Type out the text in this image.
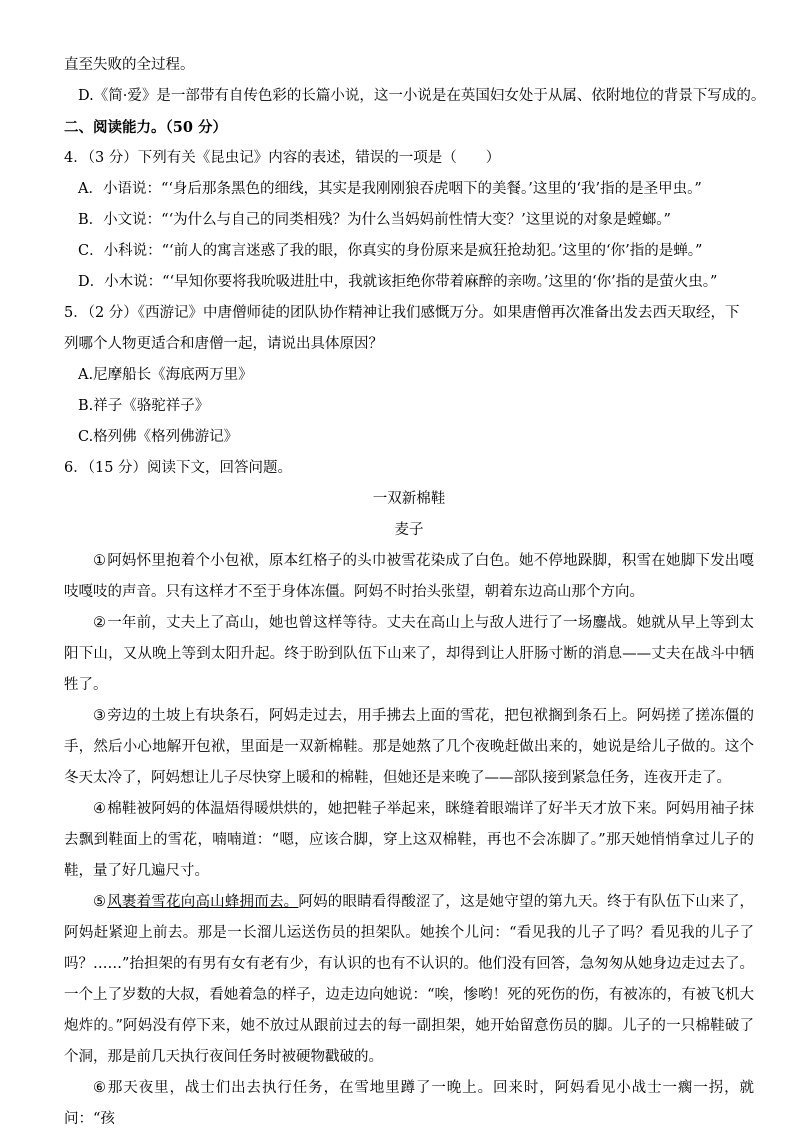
直至失败的全过程。

D.《简·爱》是一部带有自传色彩的长篇小说，这一小说是在英国妇女处于从属、依附地位的背景下写成的。

二、阅读能力。（50 分）

4．（3 分）下列有关《昆虫记》内容的表述，错误的一项是（　　）

A．小语说：“‘身后那条黑色的细线，其实是我刚刚狼吞虎咽下的美餐。’这里的‘我’指的是圣甲虫。”

B．小文说：“‘为什么与自己的同类相残？为什么当妈妈前性情大变？’这里说的对象是螳螂。”

C．小科说：“‘前人的寓言迷惑了我的眼，你真实的身份原来是疯狂抢劫犯。’这里的‘你’指的是蝉。”

D．小木说：“‘早知你要将我吮吸进肚中，我就该拒绝你带着麻醉的亲吻。’这里的‘你’指的是萤火虫。”

5．（2 分）《西游记》中唐僧师徒的团队协作精神让我们感慨万分。如果唐僧再次准备出发去西天取经，下列哪个人物更适合和唐僧一起，请说出具体原因？

A.尼摩船长《海底两万里》

B.祥子《骆驼祥子》

C.格列佛《格列佛游记》

6．（15 分）阅读下文，回答问题。

一双新棉鞋

麦子

①阿妈怀里抱着个小包袱，原本红格子的头巾被雪花染成了白色。她不停地跺脚，积雪在她脚下发出嘎吱嘎吱的声音。只有这样才不至于身体冻僵。阿妈不时抬头张望，朝着东边高山那个方向。

②一年前，丈夫上了高山，她也曾这样等待。丈夫在高山上与敌人进行了一场鏖战。她就从早上等到太阳下山，又从晚上等到太阳升起。终于盼到队伍下山来了，却得到让人肝肠寸断的消息——丈夫在战斗中牺牲了。

③旁边的土坡上有块条石，阿妈走过去，用手拂去上面的雪花，把包袱搁到条石上。阿妈搓了搓冻僵的手，然后小心地解开包袱，里面是一双新棉鞋。那是她熬了几个夜晚赶做出来的，她说是给儿子做的。这个冬天太冷了，阿妈想让儿子尽快穿上暖和的棉鞋，但她还是来晚了——部队接到紧急任务，连夜开走了。

④棉鞋被阿妈的体温焐得暖烘烘的，她把鞋子举起来，眯缝着眼端详了好半天才放下来。阿妈用袖子抹去飘到鞋面上的雪花，喃喃道：“嗯，应该合脚，穿上这双棉鞋，再也不会冻脚了。”那天她悄悄拿过儿子的鞋，量了好几遍尺寸。

⑤风裹着雪花向高山蜂拥而去。阿妈的眼睛看得酸涩了，这是她守望的第九天。终于有队伍下山来了，阿妈赶紧迎上前去。那是一长溜儿运送伤员的担架队。她挨个儿问：“看见我的儿子了吗？看见我的儿子了吗？……”抬担架的有男有女有老有少，有认识的也有不认识的。他们没有回答，急匆匆从她身边走过去了。一个上了岁数的大叔，看她着急的样子，边走边向她说：“唉，惨哟！死的死伤的伤，有被冻的，有被飞机大炮炸的。”阿妈没有停下来，她不放过从跟前过去的每一副担架，她开始留意伤员的脚。儿子的一只棉鞋破了个洞，那是前几天执行夜间任务时被硬物戳破的。

⑥那天夜里，战士们出去执行任务，在雪地里蹲了一晚上。回来时，阿妈看见小战士一瘸一拐，就问：“孩
